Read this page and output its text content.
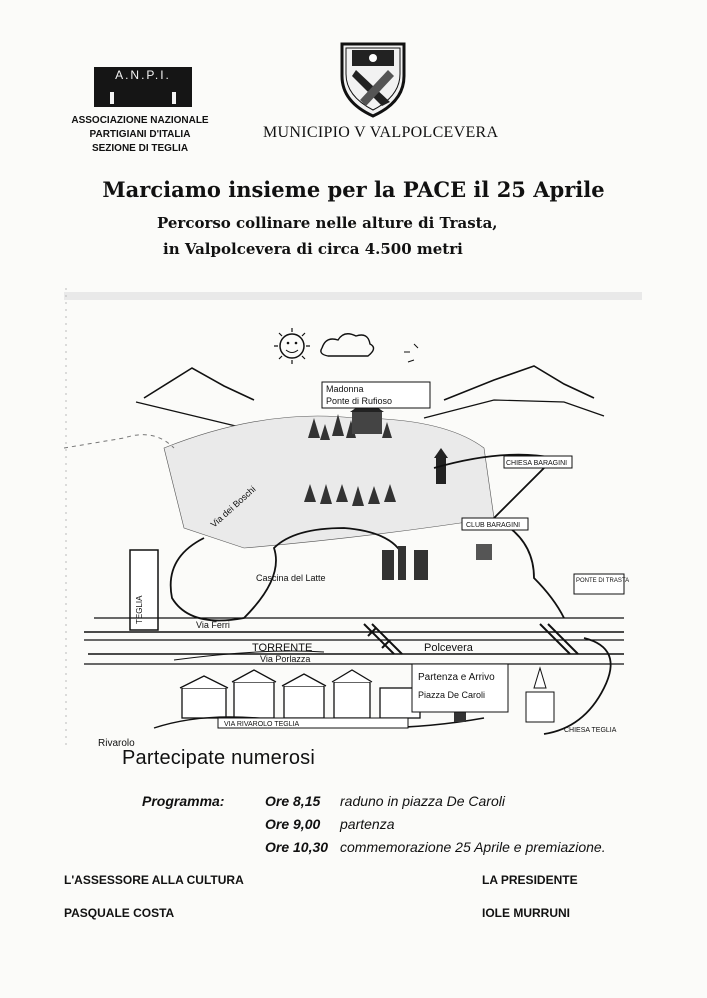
A.N.P.I.
ASSOCIAZIONE NAZIONALE
PARTIGIANI D'ITALIA
SEZIONE DI TEGLIA
MUNICIPIO V VALPOLCEVERA
Marciamo insieme per la PACE il 25 Aprile
Percorso collinare nelle alture di Trasta,
in Valpolcevera di circa 4.500 metri
Madonna
Ponte di Rufioso
CHIESA BARAGINI
CLUB BARAGINI
PONTE DI TRASTA
Cascina del Latte
Via dei Boschi
Via Ferri
TORRENTE	Polcevera
Via Porlazza
Partenza e Arrivo
Piazza De Caroli
VIA RIVAROLO TEGLIA
CHIESA TEGLIA
Rivarolo
TEGLIA
Partecipate numerosi
Programma:	Ore 8,15 raduno in piazza De Caroli
Ore 9,00 partenza
Ore 10,30 commemorazione 25 Aprile e premiazione.
L'ASSESSORE ALLA CULTURA
PASQUALE COSTA
LA PRESIDENTE
IOLE MURRUNI
